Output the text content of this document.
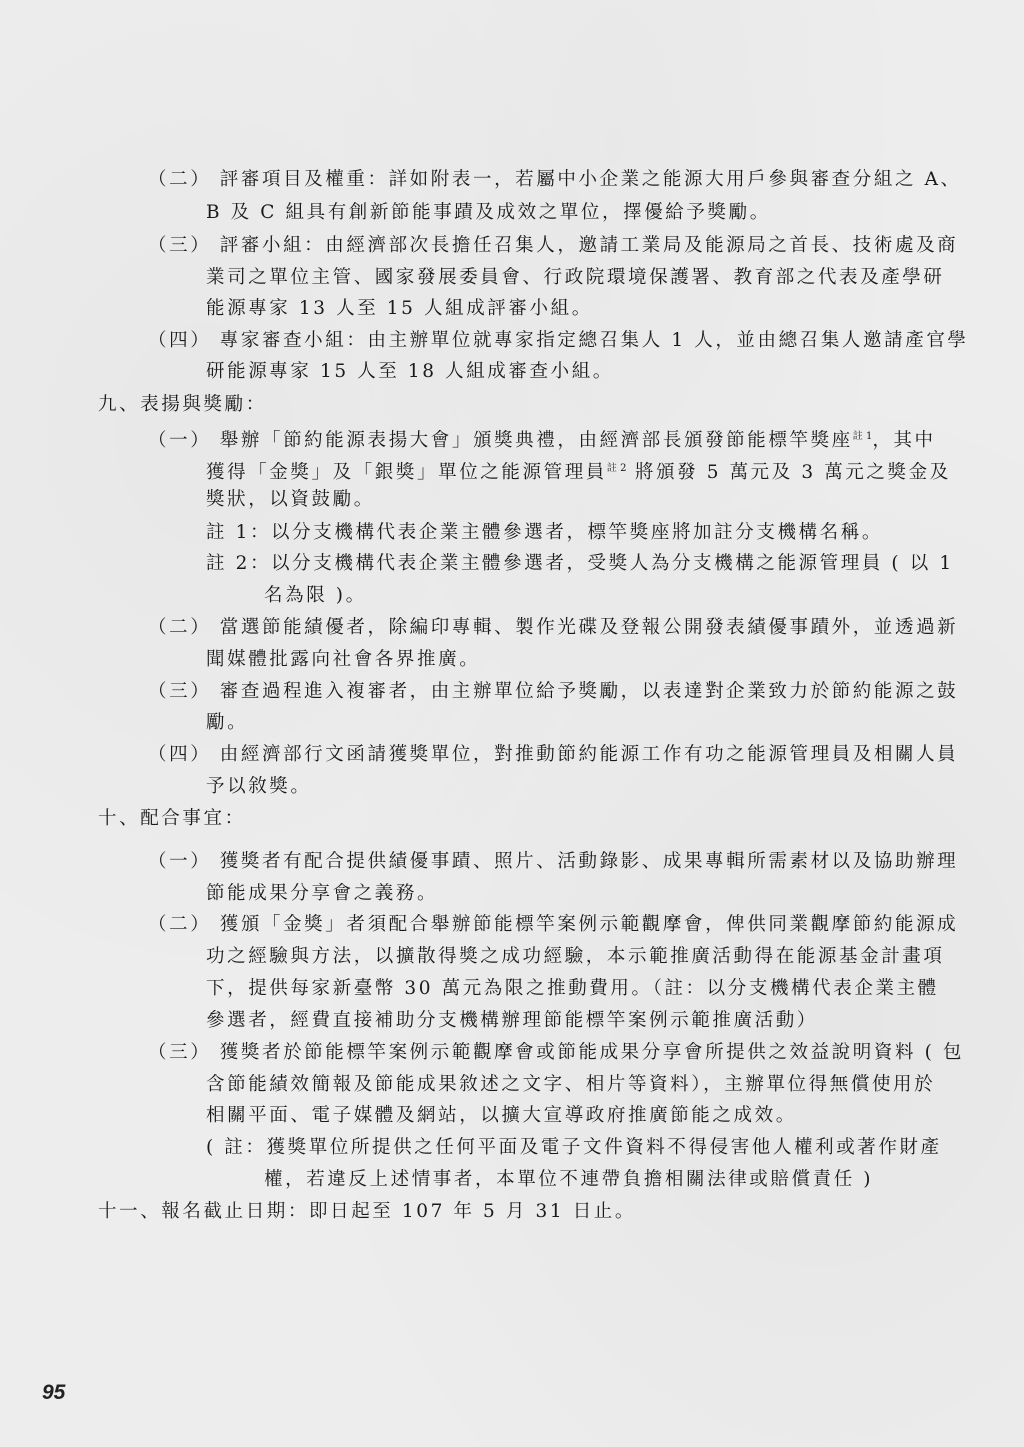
（二） 評審項目及權重：詳如附表一，若屬中小企業之能源大用戶參與審查分組之 A、
B 及 C 組具有創新節能事蹟及成效之單位，擇優給予獎勵。
（三） 評審小組：由經濟部次長擔任召集人，邀請工業局及能源局之首長、技術處及商
業司之單位主管、國家發展委員會、行政院環境保護署、教育部之代表及產學研
能源專家 13 人至 15 人組成評審小組。
（四） 專家審查小組：由主辦單位就專家指定總召集人 1 人，並由總召集人邀請產官學
研能源專家 15 人至 18 人組成審查小組。
九、表揚與獎勵：
（一） 舉辦「節約能源表揚大會」頒獎典禮，由經濟部長頒發節能標竿獎座$^{註 1}$，其中
獲得「金獎」及「銀獎」單位之能源管理員$^{註 2}$ 將頒發 5 萬元及 3 萬元之獎金及
獎狀，以資鼓勵。
註 1：以分支機構代表企業主體參選者，標竿獎座將加註分支機構名稱。
註 2：以分支機構代表企業主體參選者，受獎人為分支機構之能源管理員 ( 以 1
名為限 )。
（二） 當選節能績優者，除編印專輯、製作光碟及登報公開發表績優事蹟外，並透過新
聞媒體批露向社會各界推廣。
（三） 審查過程進入複審者，由主辦單位給予獎勵，以表達對企業致力於節約能源之鼓
勵。
（四） 由經濟部行文函請獲獎單位，對推動節約能源工作有功之能源管理員及相關人員
予以敘獎。
十、配合事宜：
（一） 獲獎者有配合提供績優事蹟、照片、活動錄影、成果專輯所需素材以及協助辦理
節能成果分享會之義務。
（二） 獲頒「金獎」者須配合舉辦節能標竿案例示範觀摩會，俾供同業觀摩節約能源成
功之經驗與方法，以擴散得獎之成功經驗，本示範推廣活動得在能源基金計畫項
下，提供每家新臺幣 30 萬元為限之推動費用。（註：以分支機構代表企業主體
參選者，經費直接補助分支機構辦理節能標竿案例示範推廣活動）
（三） 獲獎者於節能標竿案例示範觀摩會或節能成果分享會所提供之效益說明資料 ( 包
含節能績效簡報及節能成果敘述之文字、相片等資料），主辦單位得無償使用於
相關平面、電子媒體及網站，以擴大宣導政府推廣節能之成效。
( 註：獲獎單位所提供之任何平面及電子文件資料不得侵害他人權利或著作財產
權，若違反上述情事者，本單位不連帶負擔相關法律或賠償責任 )
十一、報名截止日期：即日起至 107 年 5 月 31 日止。
95
